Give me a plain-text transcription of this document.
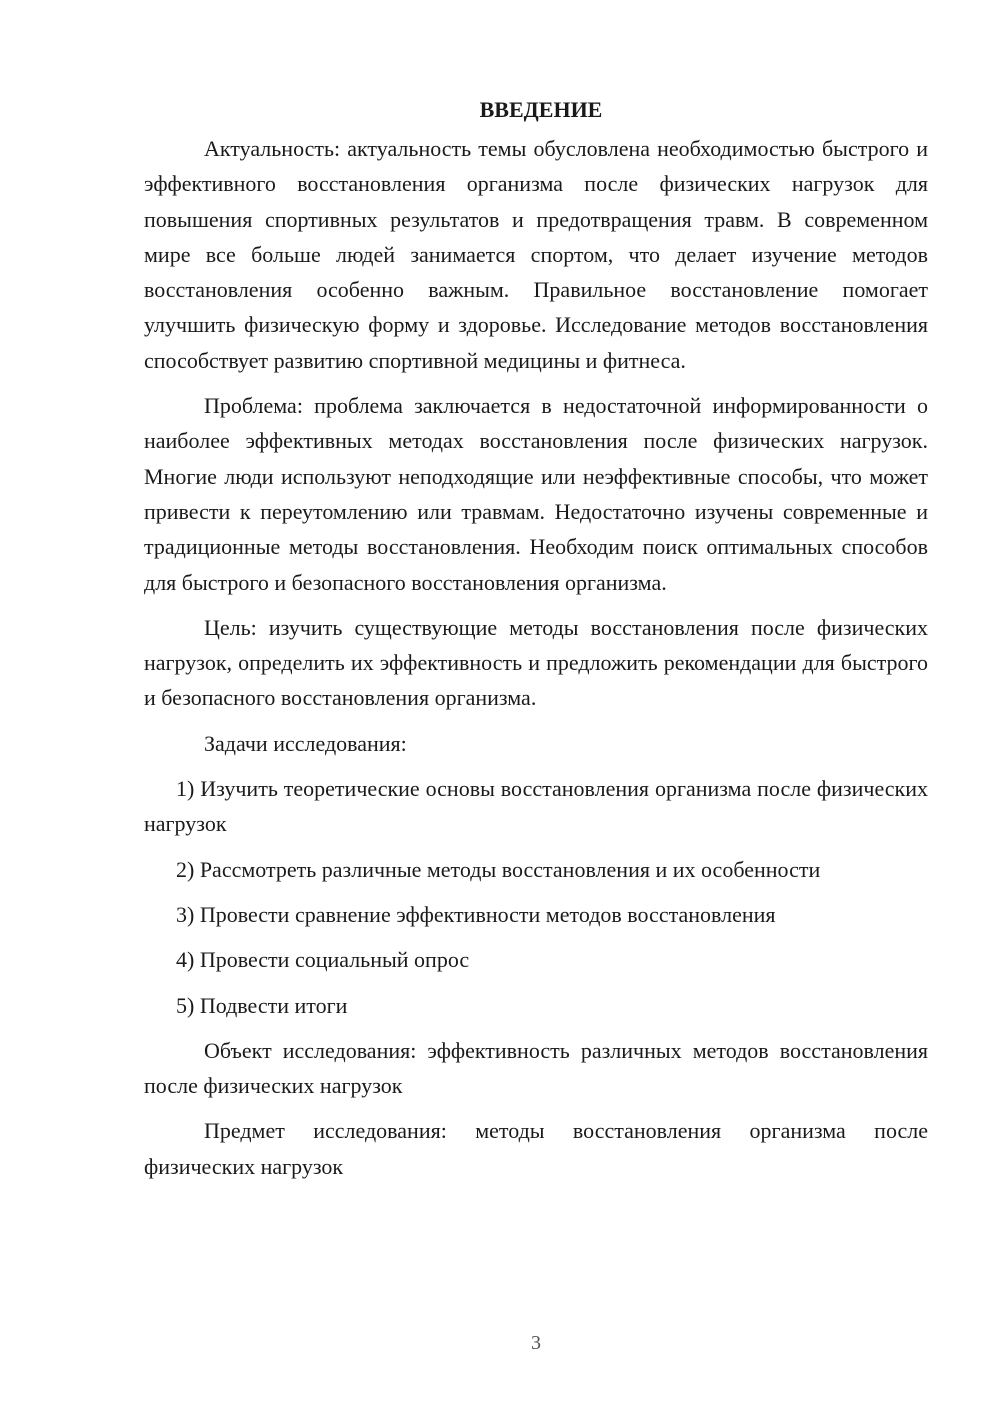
ВВЕДЕНИЕ

Актуальность: актуальность темы обусловлена необходимостью быстрого и эффективного восстановления организма после физических нагрузок для повышения спортивных результатов и предотвращения травм. В современном мире все больше людей занимается спортом, что делает изучение методов восстановления особенно важным. Правильное восстановление помогает улучшить физическую форму и здоровье. Исследование методов восстановления способствует развитию спортивной медицины и фитнеса.

Проблема: проблема заключается в недостаточной информированности о наиболее эффективных методах восстановления после физических нагрузок. Многие люди используют неподходящие или неэффективные способы, что может привести к переутомлению или травмам. Недостаточно изучены современные и традиционные методы восстановления. Необходим поиск оптимальных способов для быстрого и безопасного восстановления организма.

Цель: изучить существующие методы восстановления после физических нагрузок, определить их эффективность и предложить рекомендации для быстрого и безопасного восстановления организма.

Задачи исследования:

1) Изучить теоретические основы восстановления организма после физических нагрузок

2) Рассмотреть различные методы восстановления и их особенности

3) Провести сравнение эффективности методов восстановления

4) Провести социальный опрос

5) Подвести итоги

Объект исследования: эффективность различных методов восстановления после физических нагрузок

Предмет исследования: методы восстановления организма после физических нагрузок

3
